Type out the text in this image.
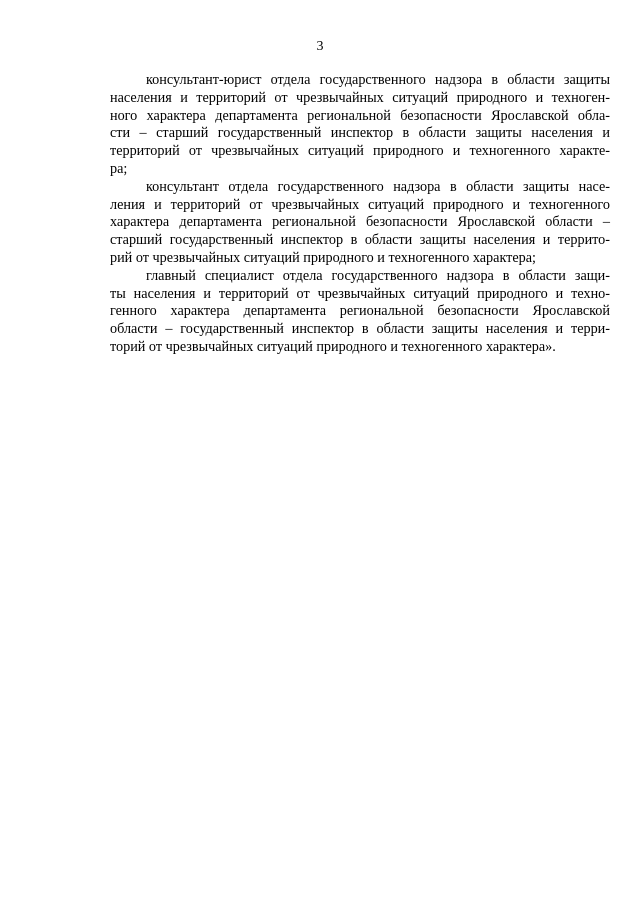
3

консультант-юрист отдела государственного надзора в области защиты
населения и территорий от чрезвычайных ситуаций природного и техноген-
ного характера департамента региональной безопасности Ярославской обла-
сти – старший государственный инспектор в области защиты населения и
территорий от чрезвычайных ситуаций природного и техногенного характе-
ра;

консультант отдела государственного надзора в области защиты насе-
ления и территорий от чрезвычайных ситуаций природного и техногенного
характера департамента региональной безопасности Ярославской области –
старший государственный инспектор в области защиты населения и террито-
рий от чрезвычайных ситуаций природного и техногенного характера;

главный специалист отдела государственного надзора в области защи-
ты населения и территорий от чрезвычайных ситуаций природного и техно-
генного характера департамента региональной безопасности Ярославской
области – государственный инспектор в области защиты населения и терри-
торий от чрезвычайных ситуаций природного и техногенного характера».
